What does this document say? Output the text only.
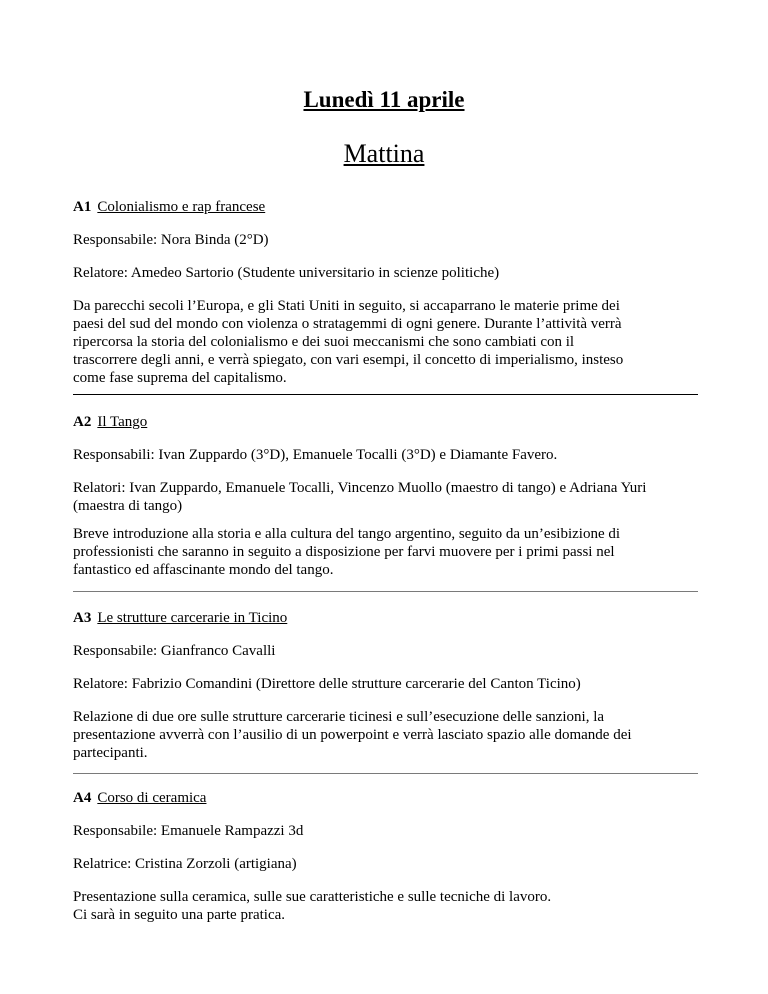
Lunedì 11 aprile
Mattina
A1 Colonialismo e rap francese
Responsabile: Nora Binda (2°D)
Relatore: Amedeo Sartorio (Studente universitario in scienze politiche)

Da parecchi secoli l’Europa, e gli Stati Uniti in seguito, si accaparrano le materie prime dei

paesi del sud del mondo con violenza o stratagemmi di ogni genere. Durante l’attività verrà

ripercorsa la storia del colonialismo e dei suoi meccanismi che sono cambiati con il

trascorrere degli anni, e verrà spiegato, con vari esempi, il concetto di imperialismo, insteso

come fase suprema del capitalismo.

A2 Il Tango
Responsabili: Ivan Zuppardo (3°D), Emanuele Tocalli (3°D) e Diamante Favero.

Relatori: Ivan Zuppardo, Emanuele Tocalli, Vincenzo Muollo (maestro di tango) e Adriana Yuri

(maestra di tango)

Breve introduzione alla storia e alla cultura del tango argentino, seguito da un’esibizione di

professionisti che saranno in seguito a disposizione per farvi muovere per i primi passi nel

fantastico ed affascinante mondo del tango.

A3 Le strutture carcerarie in Ticino
Responsabile: Gianfranco Cavalli
Relatore: Fabrizio Comandini (Direttore delle strutture carcerarie del Canton Ticino)

Relazione di due ore sulle strutture carcerarie ticinesi e sull’esecuzione delle sanzioni, la

presentazione avverrà con l’ausilio di un powerpoint e verrà lasciato spazio alle domande dei

partecipanti.

A4 Corso di ceramica
Responsabile: Emanuele Rampazzi 3d
Relatrice: Cristina Zorzoli (artigiana)

Presentazione sulla ceramica, sulle sue caratteristiche e sulle tecniche di lavoro.

Ci sarà in seguito una parte pratica.
